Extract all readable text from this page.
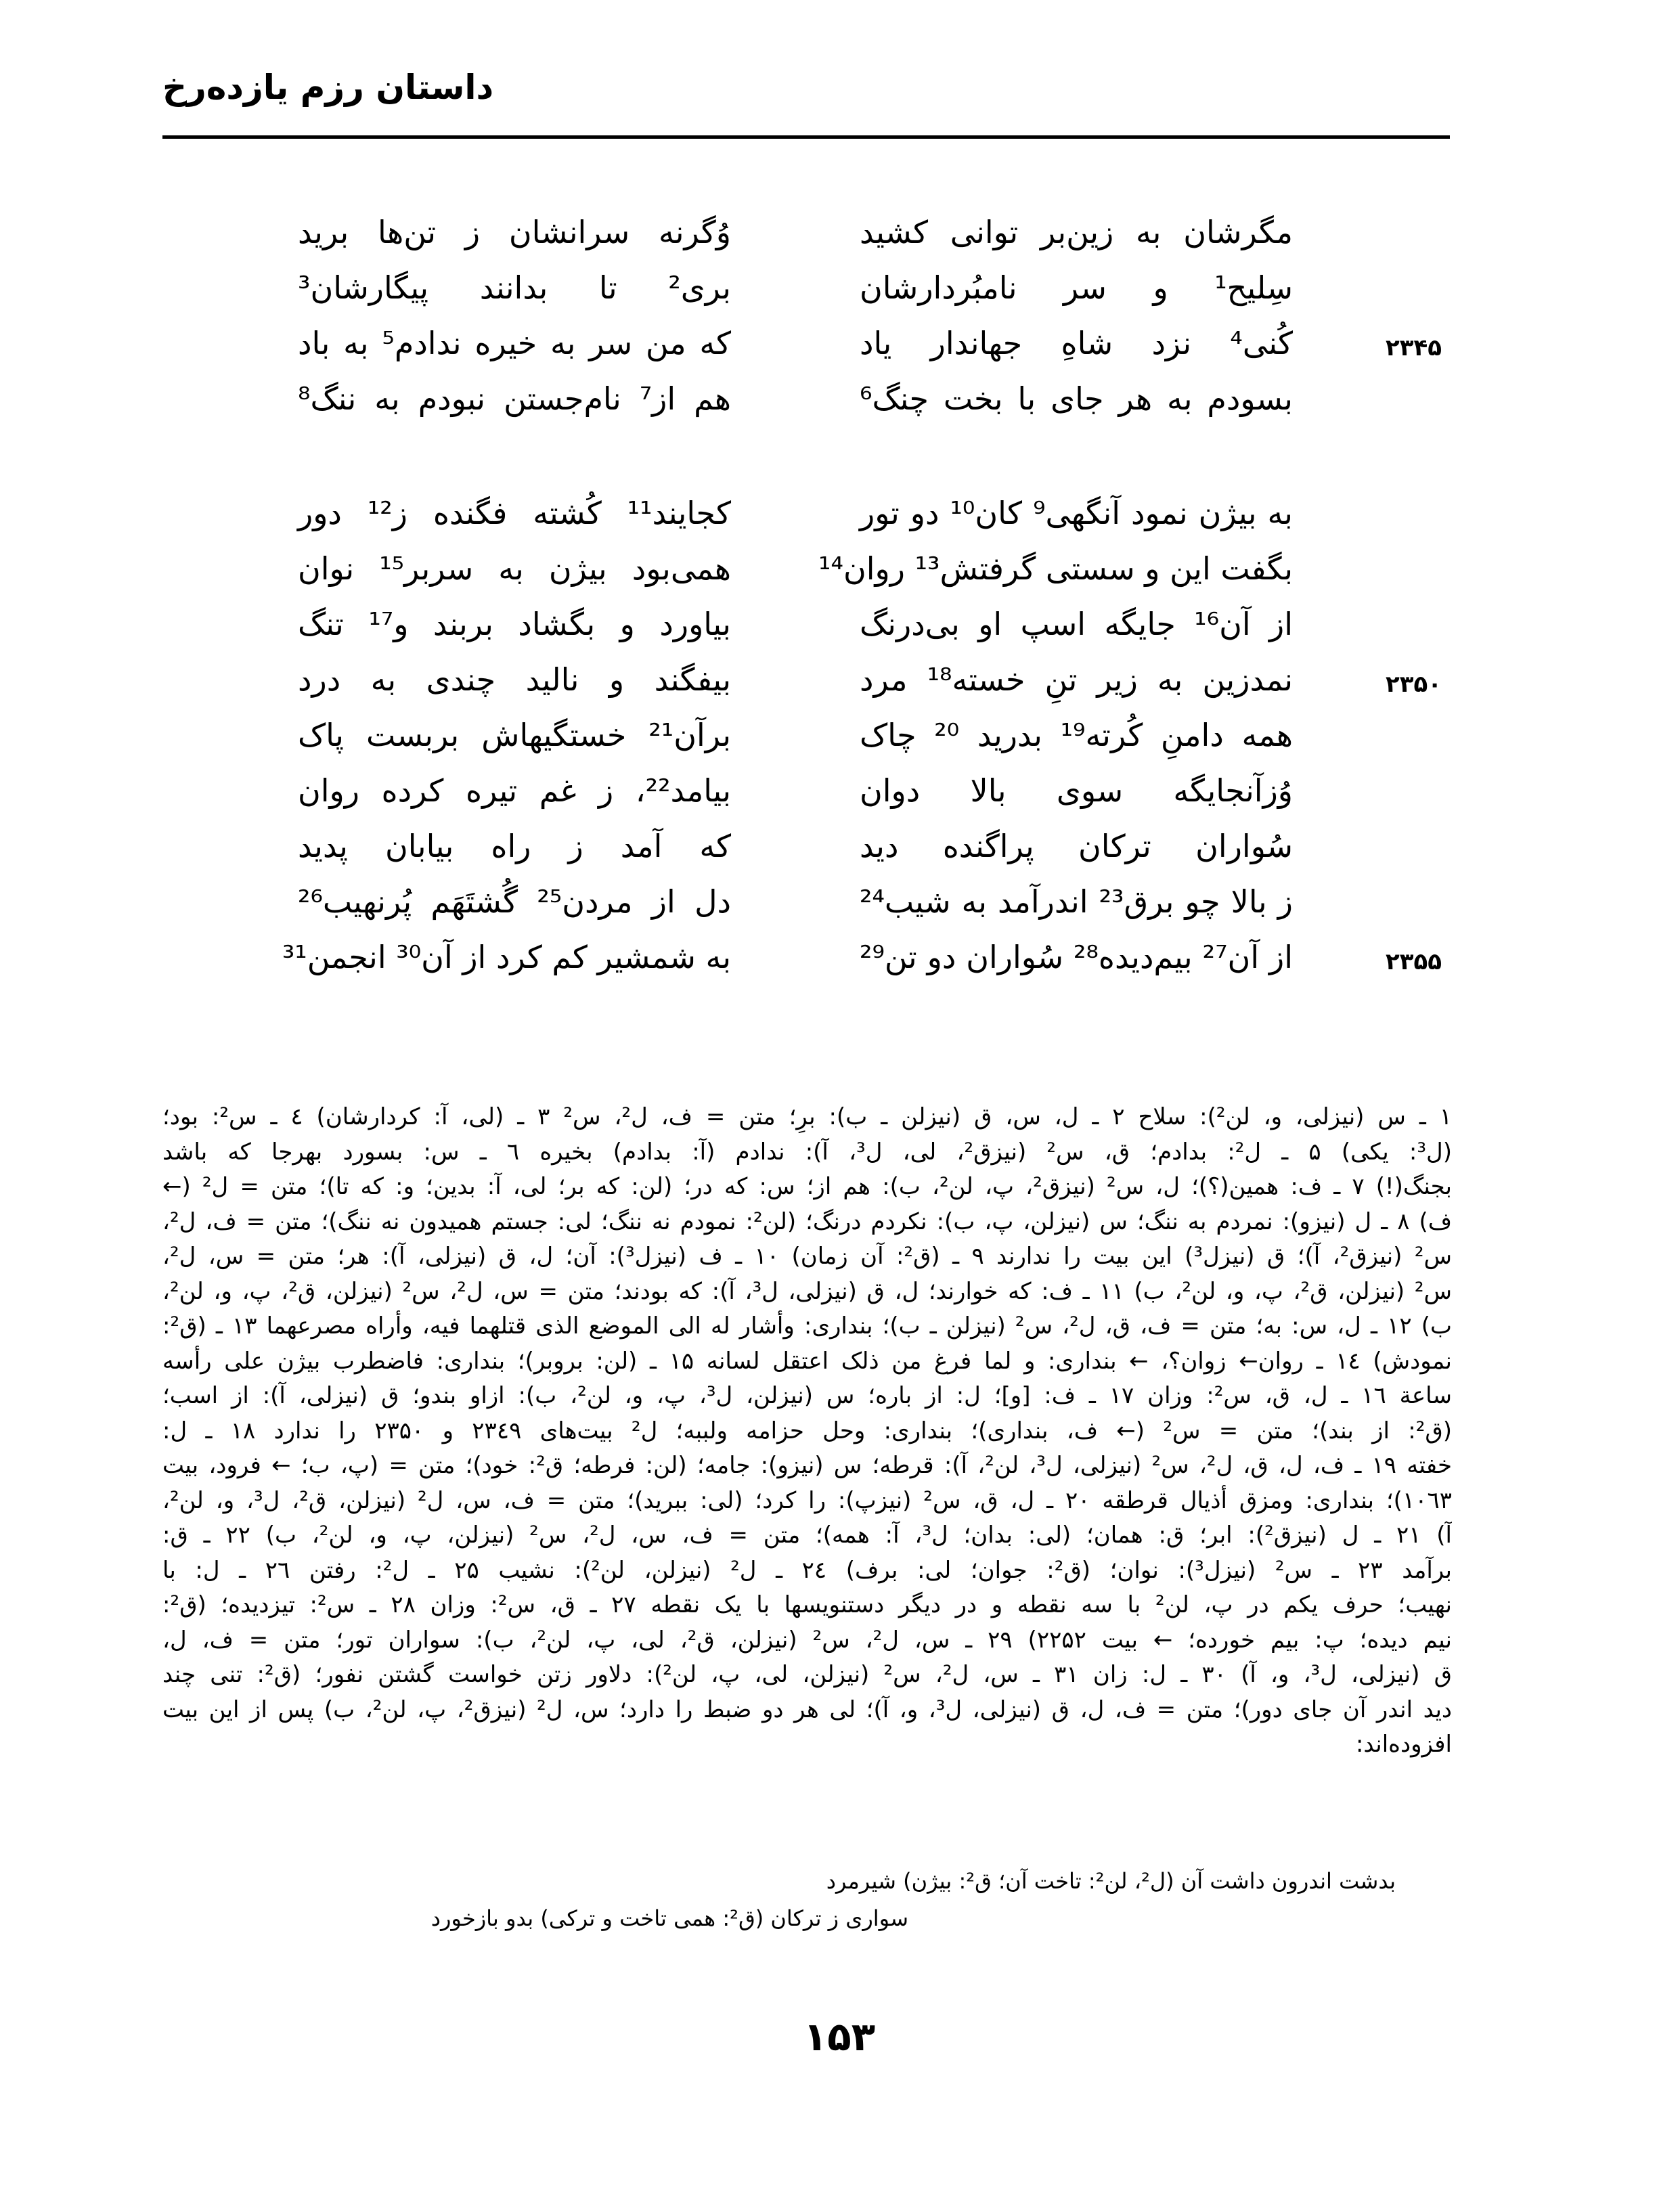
داستان رزم یازده‌رخ
مگرشان به زین‌بر توانی کشید
وُگرنه سرانشان ز تن‌ها برید
سِلیح¹ و سر نامبُردارشان
بری² تا بدانند پیگارشان³
۲۳۴۵
کُنی⁴ نزد شاهِ جهاندار یاد
که من سر به خیره ندادم⁵ به باد
بسودم به هر جای با بخت چنگ⁶
هم از⁷ نام‌جستن نبودم به ننگ⁸
به بیژن نمود آنگهی⁹ کان¹⁰ دو تور
کجایند¹¹ کُشته فگنده ز¹² دور
بگفت این و سستی گرفتش¹³ روان¹⁴
همی‌بود بیژن به سربر¹⁵ نوان
از آن¹⁶ جایگه اسپ او بی‌درنگ
بیاورد و بگشاد بربند و¹⁷ تنگ
۲۳۵۰
نمدزین به زیر تنِ خسته¹⁸ مرد
بیفگند و نالید چندی به درد
همه دامنِ کُرته¹⁹ بدرید ²⁰ چاک
برآن²¹ خستگیهاش بربست پاک
وُزآنجایگه سوی بالا دوان
بیامد²²، ز غم تیره کرده روان
سُواران ترکان پراگنده دید
که آمد ز راه بیابان پدید
ز بالا چو برق²³ اندرآمد به شیب²⁴
دل از مردن²⁵ گُشتَهَم پُرنهیب²⁶
۲۳۵۵
از آن²⁷ بیم‌دیده²⁸ سُواران دو تن²⁹
به شمشیر کم کرد از آن³⁰ انجمن³¹
۱ ـ س (نیزلی، و، لن²): سلاح ۲ ـ ل، س، ق (نیزلن ـ ب): برِ؛ متن = ف، ل²، س² ۳ ـ (لی، آ: کردارشان) ٤ ـ س²: بود؛
(ل³: یکی) ۵ ـ ل²: بدادم؛ ق، س² (نیزق²، لی، ل³، آ): ندادم (آ: بدادم) بخیره ٦ ـ س: بسورد بهرجا که باشد
بجنگ(!) ۷ ـ ف: همین(؟)؛ ل، س² (نیزق²، پ، لن²، ب): هم از؛ س: که در؛ (لن: که بر؛ لی، آ: بدین؛ و: که تا)؛ متن = ل² (←
ف) ۸ ـ ل (نیزو): نمردم به ننگ؛ س (نیزلن، پ، ب): نکردم درنگ؛ (لن²: نمودم نه ننگ؛ لی: جستم همیدون نه ننگ)؛ متن = ف، ل²،
س² (نیزق²، آ)؛ ق (نیزل³) این بیت را ندارند ۹ ـ (ق²: آن زمان) ۱۰ ـ ف (نیزل³): آن؛ ل، ق (نیزلی، آ): هر؛ متن = س، ل²،
س² (نیزلن، ق²، پ، و، لن²، ب) ۱۱ ـ ف: که خوارند؛ ل، ق (نیزلی، ل³، آ): که بودند؛ متن = س، ل²، س² (نیزلن، ق²، پ، و، لن²،
ب) ۱۲ ـ ل، س: به؛ متن = ف، ق، ل²، س² (نیزلن ـ ب)؛ بنداری: وأشار له الی الموضع الذی قتلهما فیه، وأراه مصرعهما ۱۳ ـ (ق²:
نمودش) ۱٤ ـ روان← زوان؟، ← بنداری: و لما فرغ من ذلک اعتقل لسانه ۱۵ ـ (لن: بروبر)؛ بنداری: فاضطرب بیژن علی رأسه
ساعة ۱٦ ـ ل، ق، س²: وزان ۱۷ ـ ف: [و]؛ ل: از باره؛ س (نیزلن، ل³، پ، و، لن²، ب): ازاو بندو؛ ق (نیزلی، آ): از اسب؛
(ق²: از بند)؛ متن = س² (← ف، بنداری)؛ بنداری: وحل حزامه ولببه؛ ل² بیت‌های ۲۳٤۹ و ۲۳۵۰ را ندارد ۱۸ ـ ل:
خفته ۱۹ ـ ف، ل، ق، ل²، س² (نیزلی، ل³، لن²، آ): قرطه؛ س (نیزو): جامه؛ (لن: فرطه؛ ق²: خود)؛ متن = (پ، ب؛ ← فرود، بیت
۱۰٦۳)؛ بنداری: ومزق أذیال قرطقه ۲۰ ـ ل، ق، س² (نیزپ): را کرد؛ (لی: ببرید)؛ متن = ف، س، ل² (نیزلن، ق²، ل³، و، لن²،
آ) ۲۱ ـ ل (نیزق²): ابر؛ ق: همان؛ (لی: بدان؛ ل³، آ: همه)؛ متن = ف، س، ل²، س² (نیزلن، پ، و، لن²، ب) ۲۲ ـ ق:
برآمد ۲۳ ـ س² (نیزل³): نوان؛ (ق²: جوان؛ لی: برف) ۲٤ ـ ل² (نیزلن، لن²): نشیب ۲۵ ـ ل²: رفتن ۲٦ ـ ل: با
نهیب؛ حرف یکم در پ، لن² با سه نقطه و در دیگر دستنویسها با یک نقطه ۲۷ ـ ق، س²: وزان ۲۸ ـ س²: تیزدیده؛ (ق²:
نیم دیده؛ پ: بیم خورده؛ ← بیت ۲۲۵۲) ۲۹ ـ س، ل²، س² (نیزلن، ق²، لی، پ، لن²، ب): سواران تور؛ متن = ف، ل،
ق (نیزلی، ل³، و، آ) ۳۰ ـ ل: زان ۳۱ ـ س، ل²، س² (نیزلن، لی، پ، لن²): دلاور زتن خواست گشتن نفور؛ (ق²: تنی چند
دید اندر آن جای دور)؛ متن = ف، ل، ق (نیزلی، ل³، و، آ)؛ لی هر دو ضبط را دارد؛ س، ل² (نیزق²، پ، لن²، ب) پس از این بیت
افزوده‌اند:
بدشت اندرون داشت آن (ل²، لن²: تاخت آن؛ ق²: بیژن) شیرمرد
سواری ز ترکان (ق²: همی تاخت و ترکی) بدو بازخورد
۱۵۳
